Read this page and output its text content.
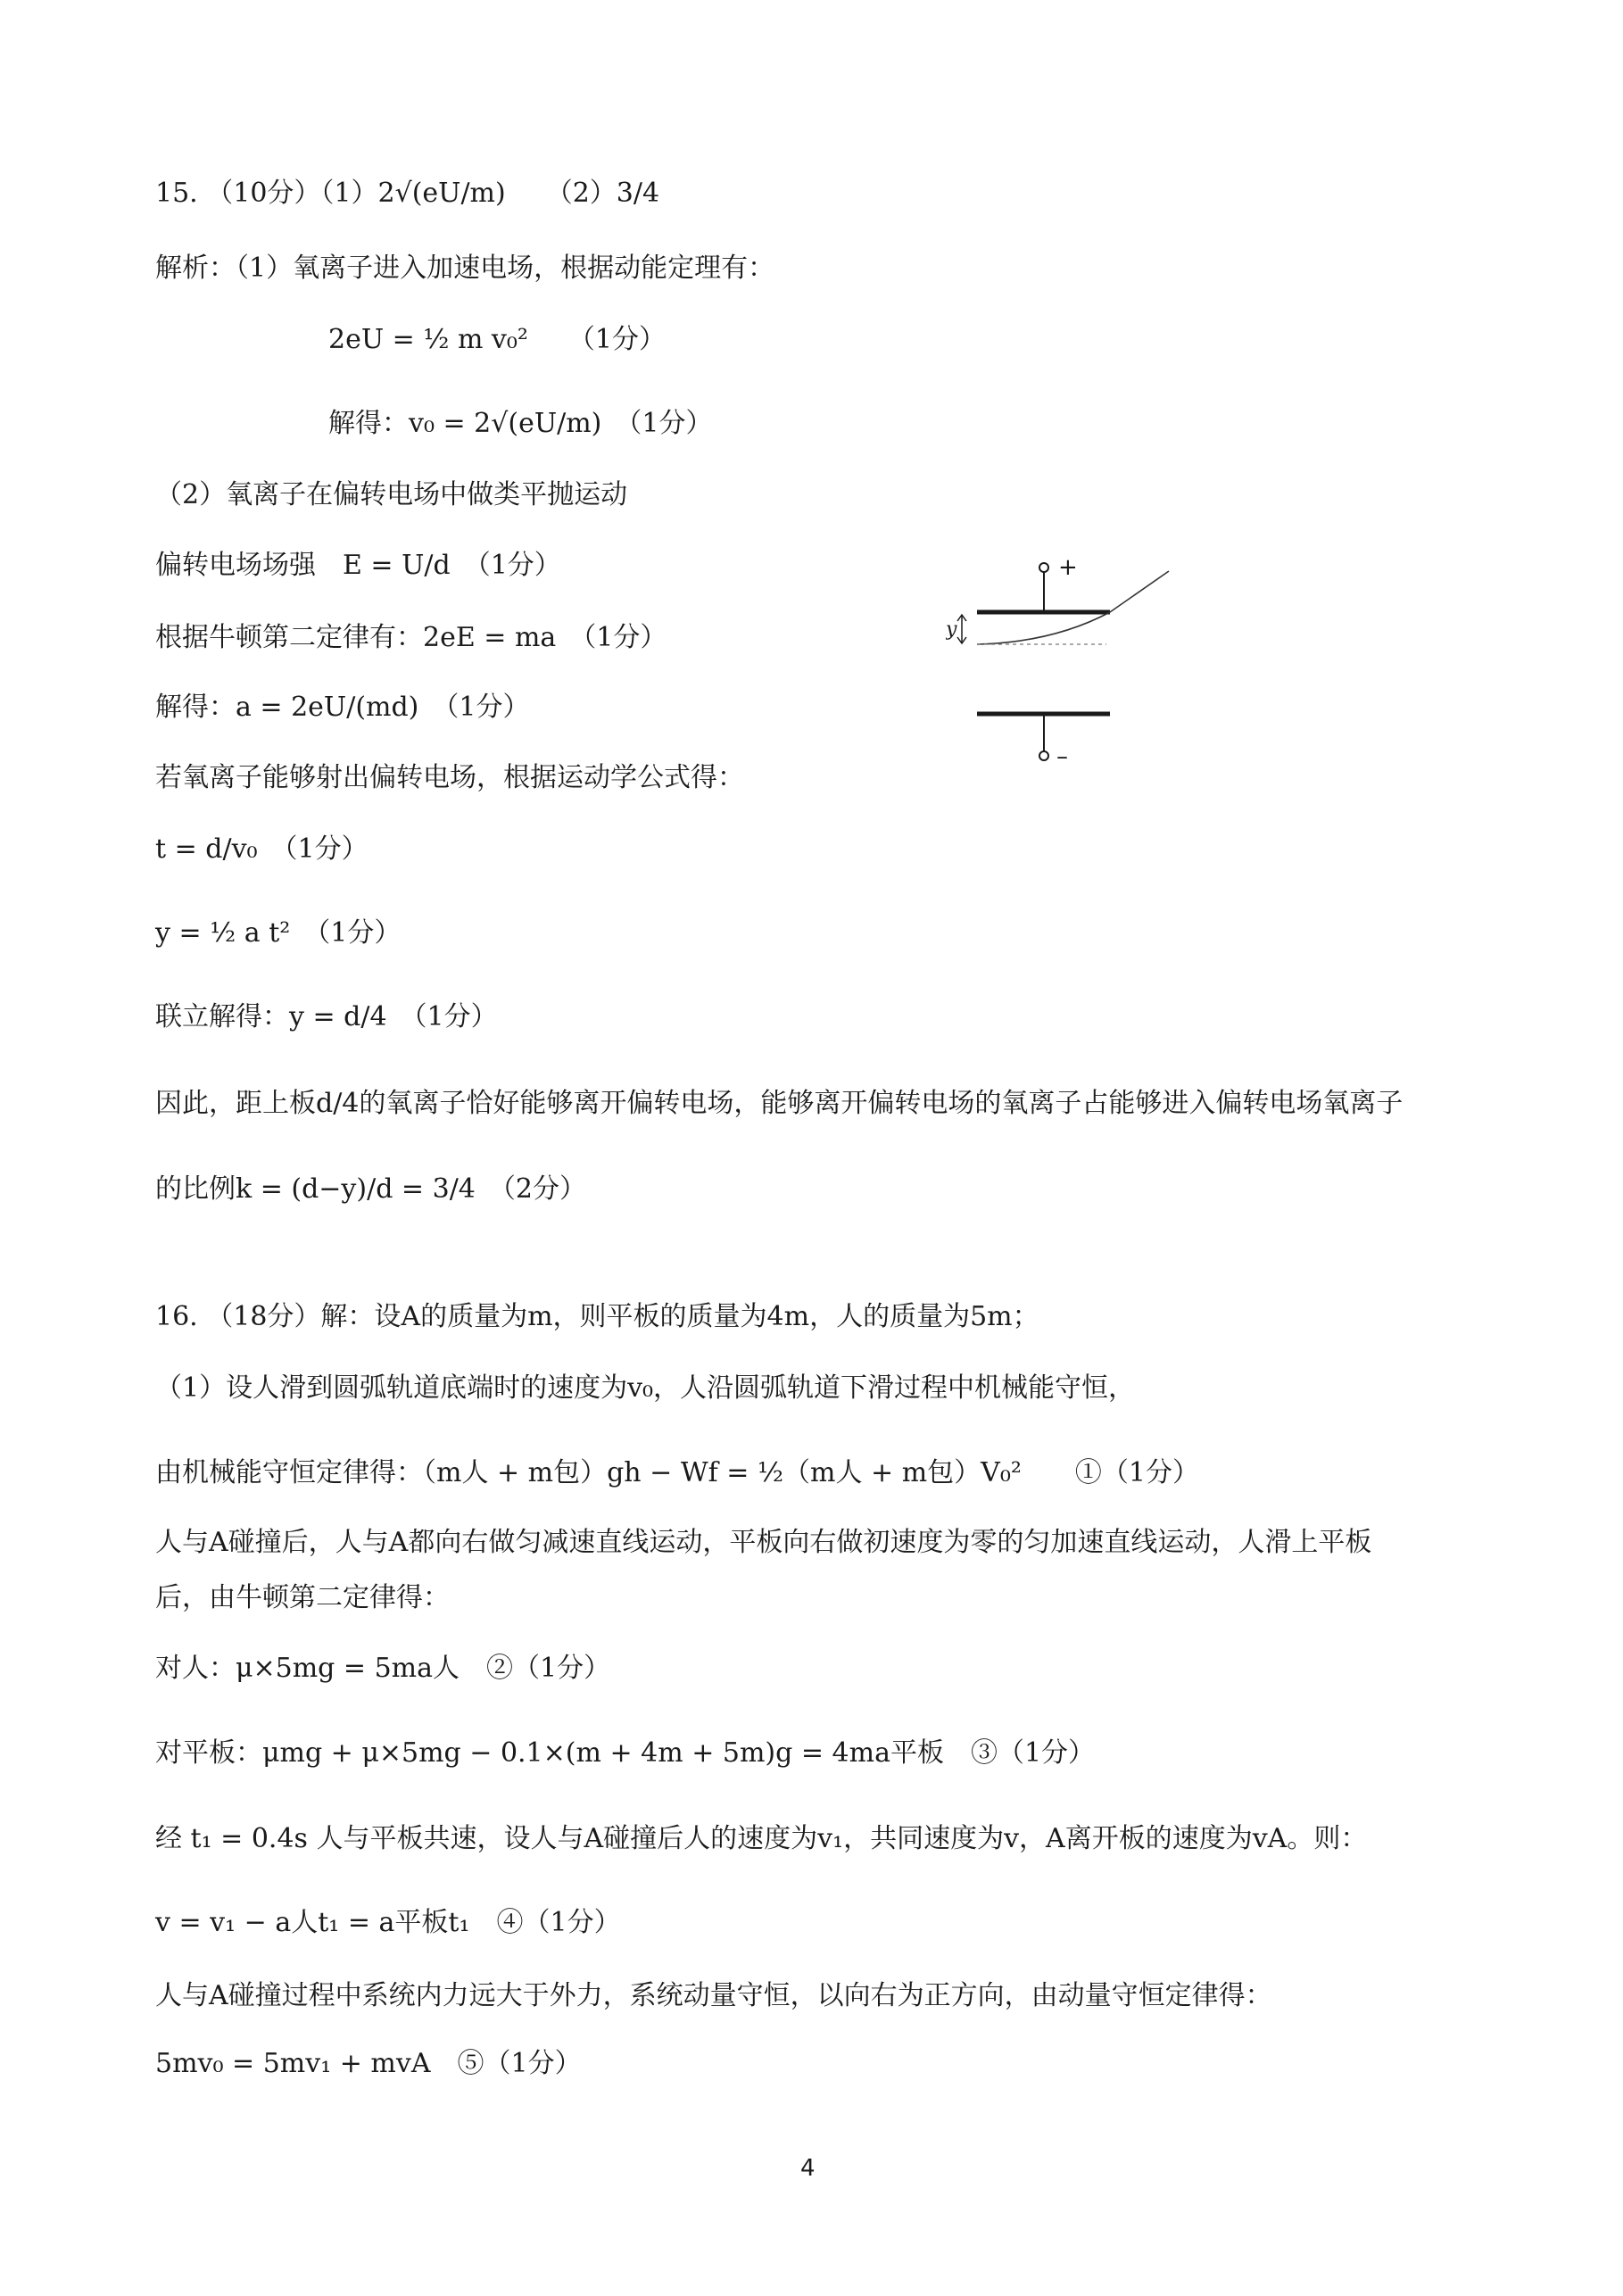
15. （10分）（1）2√(eU/m)　　（2）3/4
解析：（1）氧离子进入加速电场，根据动能定理有：
2eU = ½ m v₀²　　（1分）
解得：v₀ = 2√(eU/m)　（1分）
（2）氧离子在偏转电场中做类平抛运动
偏转电场场强　E = U/d　（1分）
根据牛顿第二定律有：2eE = ma　（1分）
解得：a = 2eU/(md)　（1分）
若氧离子能够射出偏转电场，根据运动学公式得：
t = d/v₀　（1分）
y = ½ a t²　（1分）
联立解得：y = d/4　（1分）
因此，距上板d/4的氧离子恰好能够离开偏转电场，能够离开偏转电场的氧离子占能够进入偏转电场氧离子
的比例k = (d−y)/d = 3/4　（2分）
+
y
–
16. （18分）解：设A的质量为m，则平板的质量为4m，人的质量为5m；
（1）设人滑到圆弧轨道底端时的速度为v₀，人沿圆弧轨道下滑过程中机械能守恒，
由机械能守恒定律得：（m人 + m包）gh − Wf = ½（m人 + m包）V₀²　　①（1分）
人与A碰撞后，人与A都向右做匀减速直线运动，平板向右做初速度为零的匀加速直线运动，人滑上平板
后，由牛顿第二定律得：
对人：μ×5mg = 5ma人　②（1分）
对平板：μmg + μ×5mg − 0.1×(m + 4m + 5m)g = 4ma平板　③（1分）
经 t₁ = 0.4s 人与平板共速，设人与A碰撞后人的速度为v₁，共同速度为v，A离开板的速度为vA。则：
v = v₁ − a人t₁ = a平板t₁　④（1分）
人与A碰撞过程中系统内力远大于外力，系统动量守恒，以向右为正方向，由动量守恒定律得：
5mv₀ = 5mv₁ + mvA　⑤（1分）
4
